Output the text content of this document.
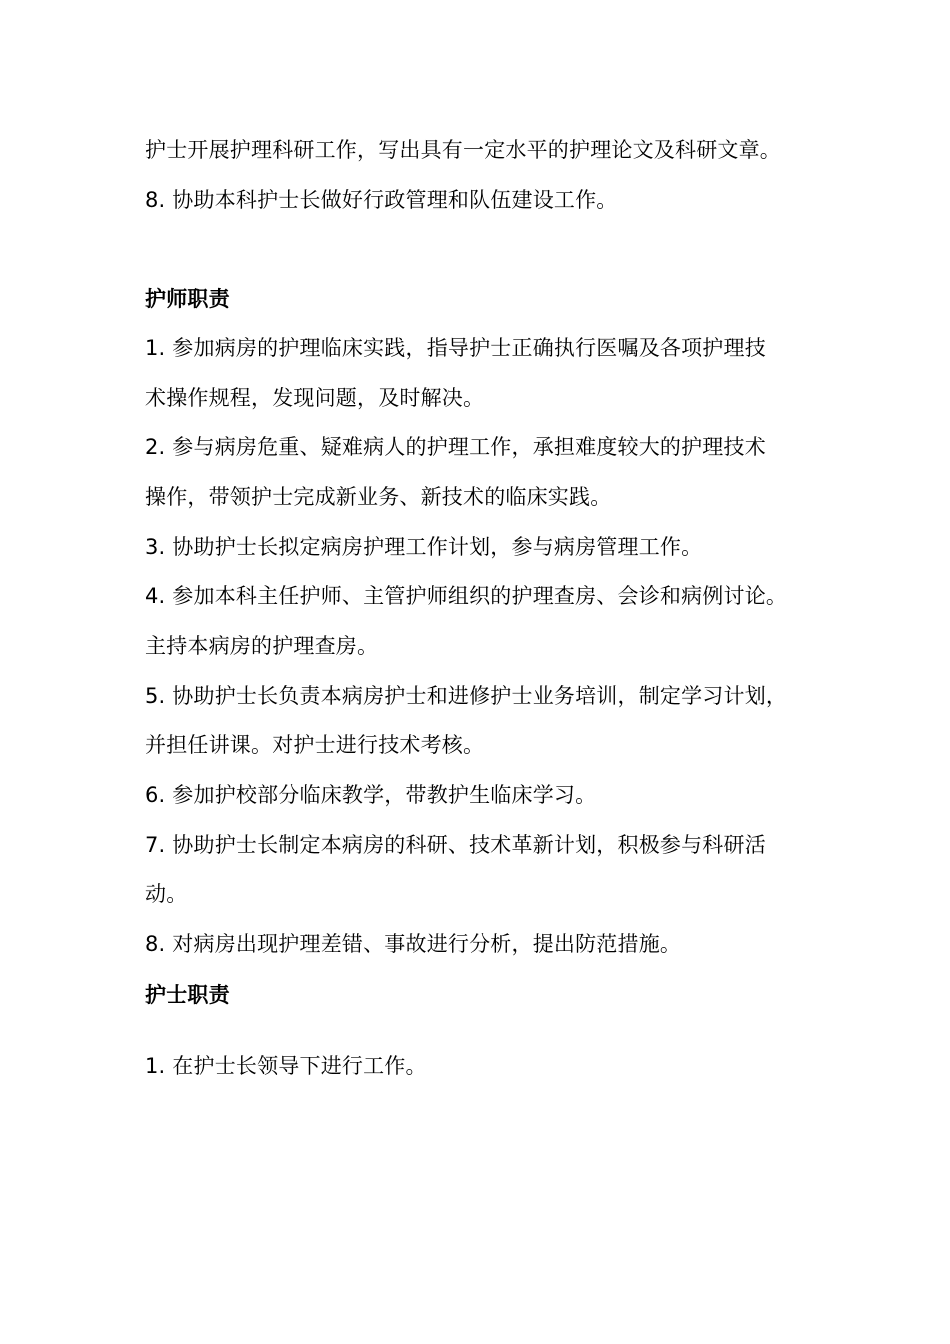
护士开展护理科研工作，写出具有一定水平的护理论文及科研文章。
8. 协助本科护士长做好行政管理和队伍建设工作。
护师职责
1. 参加病房的护理临床实践，指导护士正确执行医嘱及各项护理技
术操作规程，发现问题，及时解决。
2. 参与病房危重、疑难病人的护理工作，承担难度较大的护理技术
操作，带领护士完成新业务、新技术的临床实践。
3. 协助护士长拟定病房护理工作计划，参与病房管理工作。
4. 参加本科主任护师、主管护师组织的护理查房、会诊和病例讨论。
主持本病房的护理查房。
5. 协助护士长负责本病房护士和进修护士业务培训，制定学习计划，
并担任讲课。对护士进行技术考核。
6. 参加护校部分临床教学，带教护生临床学习。
7. 协助护士长制定本病房的科研、技术革新计划，积极参与科研活
动。
8. 对病房出现护理差错、事故进行分析，提出防范措施。
护士职责
1. 在护士长领导下进行工作。
